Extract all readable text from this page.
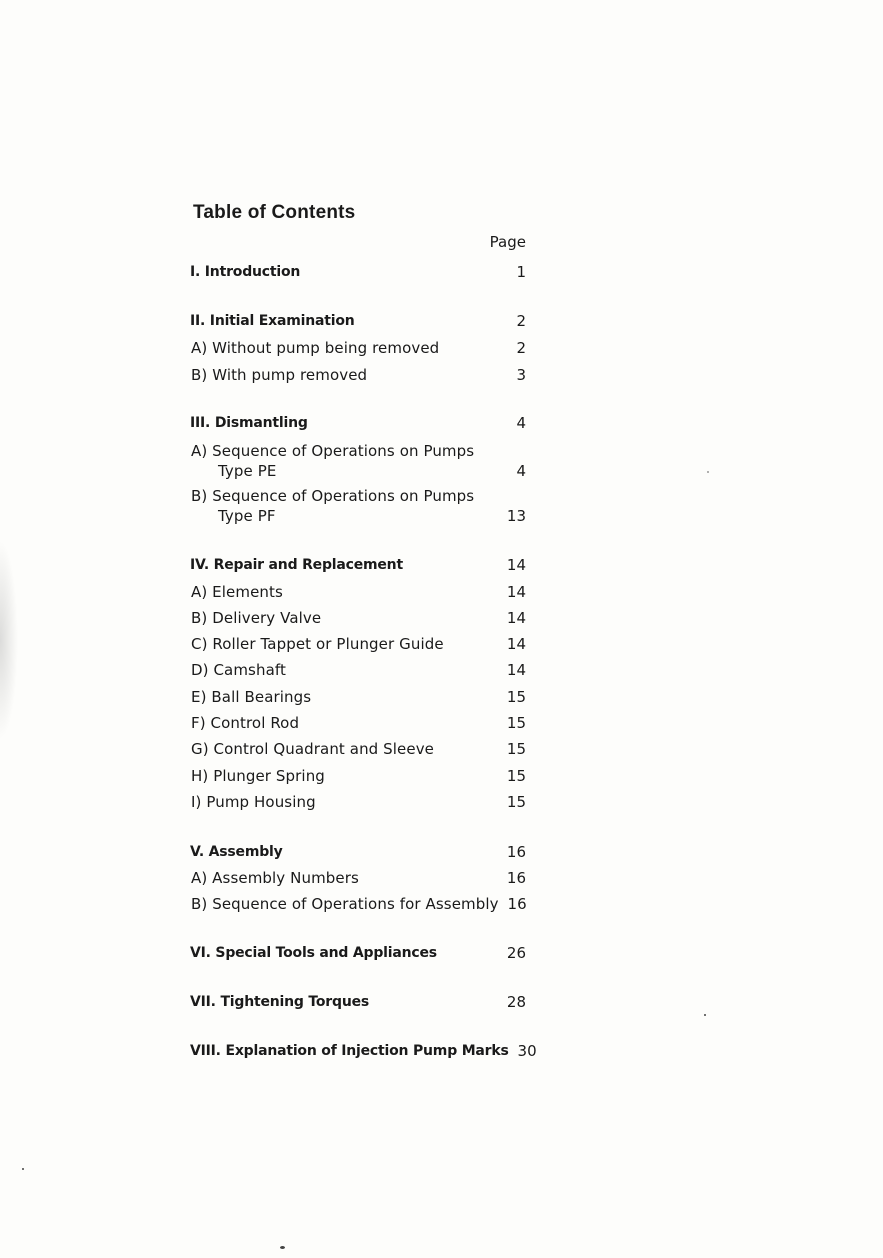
Table of Contents
Page
I. Introduction	1
II. Initial Examination	2
A) Without pump being removed	2
B) With pump removed	3
III. Dismantling	4
A) Sequence of Operations on Pumps
Type PE	4
B) Sequence of Operations on Pumps
Type PF	13
IV. Repair and Replacement	14
A) Elements	14
B) Delivery Valve	14
C) Roller Tappet or Plunger Guide	14
D) Camshaft	14
E) Ball Bearings	15
F) Control Rod	15
G) Control Quadrant and Sleeve	15
H) Plunger Spring	15
I) Pump Housing	15
V. Assembly	16
A) Assembly Numbers	16
B) Sequence of Operations for Assembly 16
VI. Special Tools and Appliances	26
VII. Tightening Torques	28
VIII. Explanation of Injection Pump Marks 30
